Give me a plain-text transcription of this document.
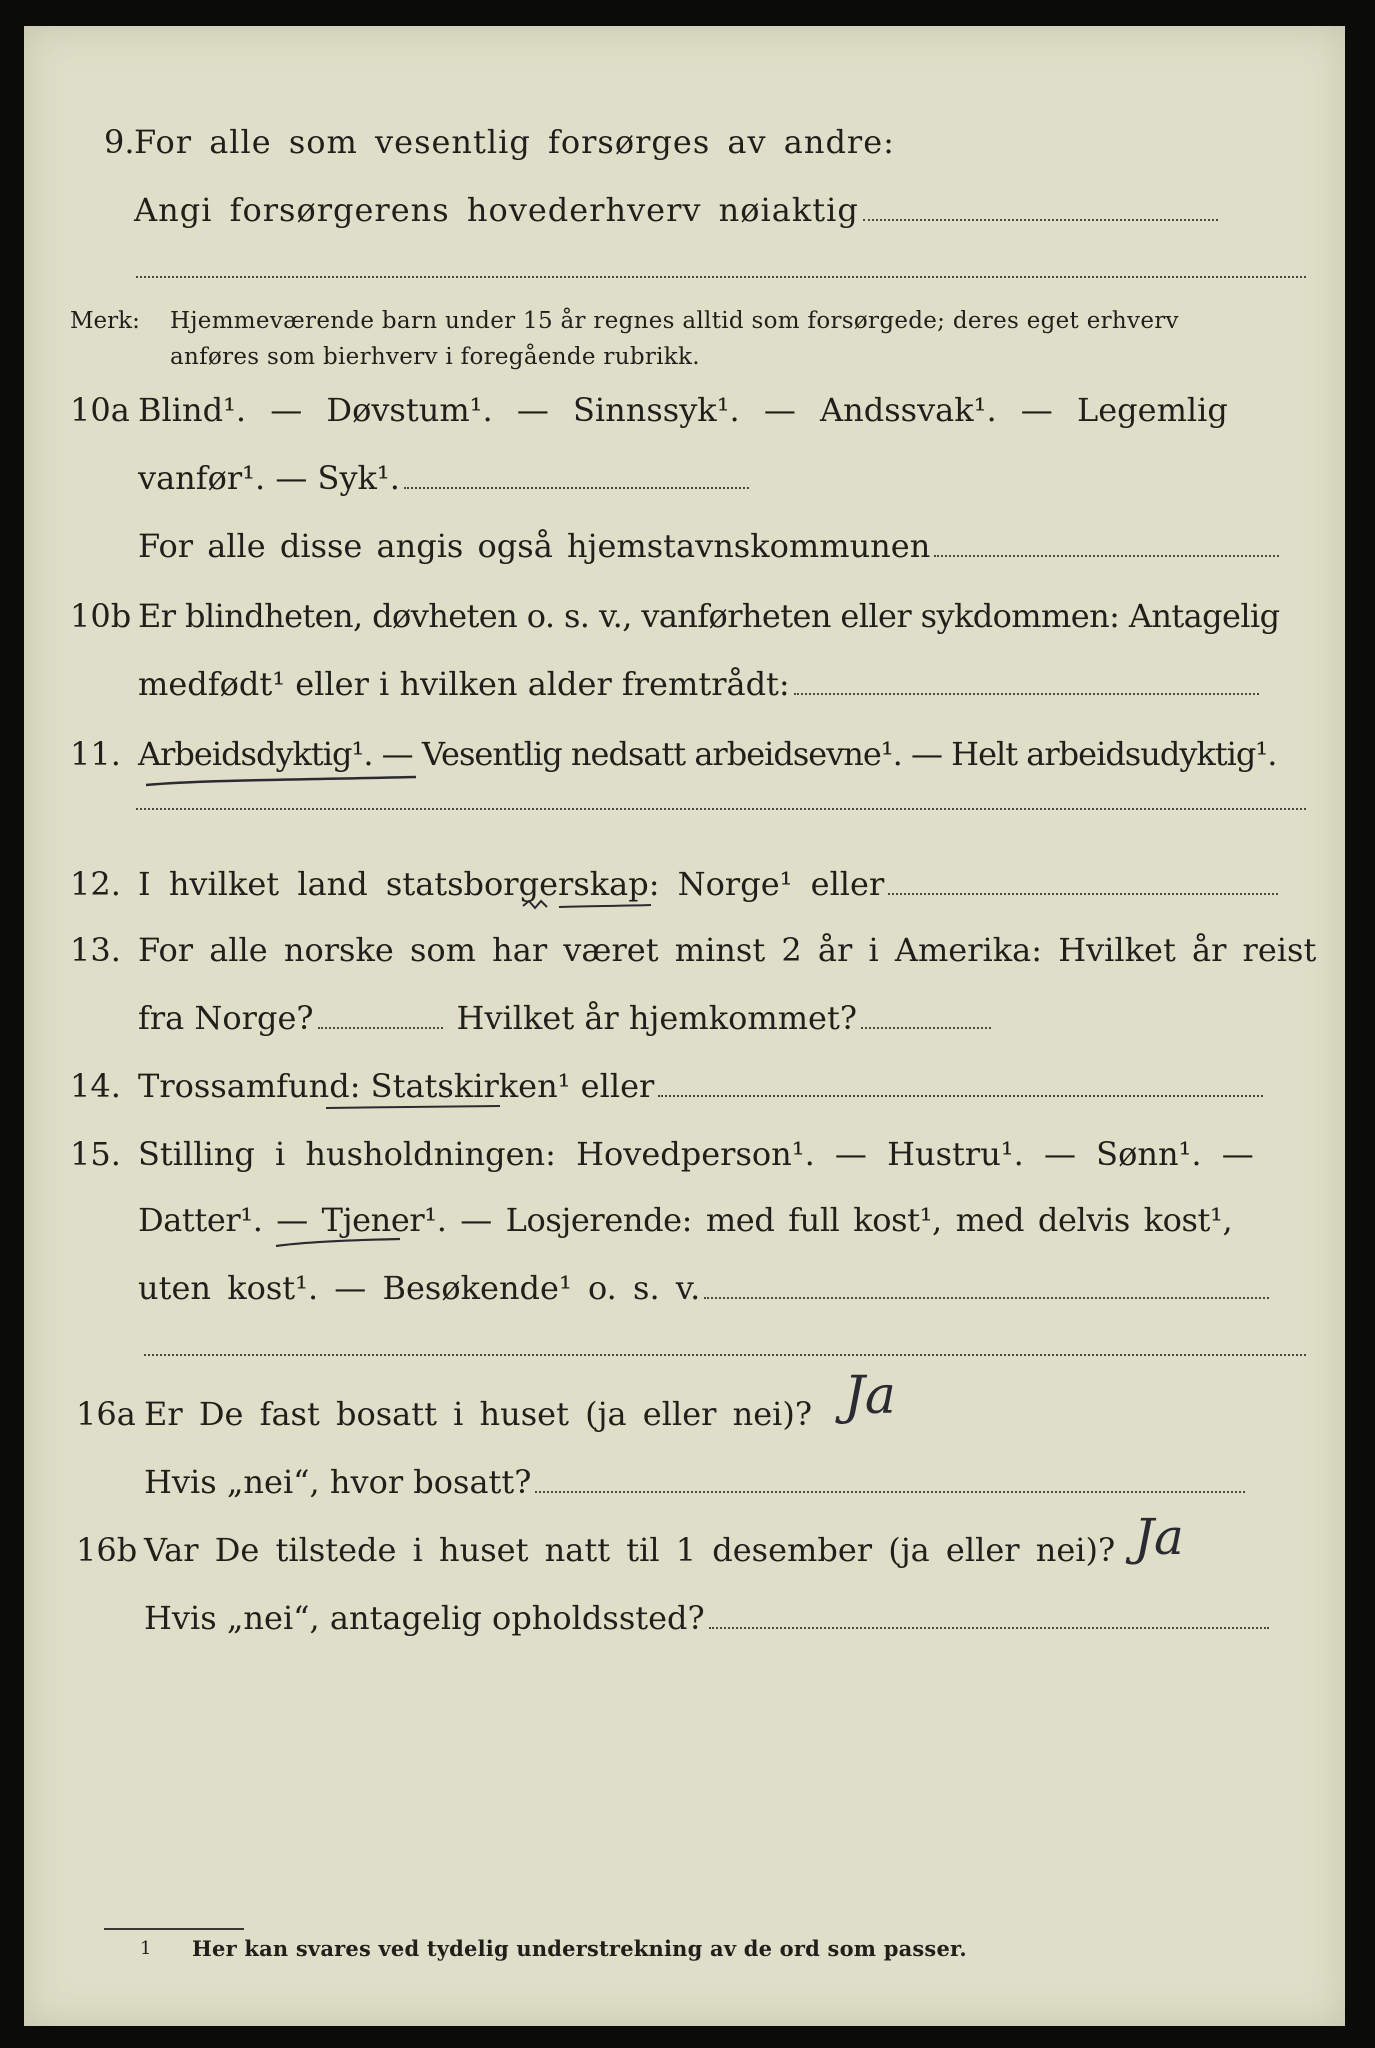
9. For alle som vesentlig forsørges av andre:
Angi forsørgerens hovederhverv nøiaktig
Merk: Hjemmeværende barn under 15 år regnes alltid som forsørgede; deres eget erhverv
anføres som bierhverv i foregående rubrikk.
10a Blind¹. — Døvstum¹. — Sinnssyk¹. — Andssvak¹. — Legemlig
vanfør¹. — Syk¹.
For alle disse angis også hjemstavnskommunen
10b Er blindheten, døvheten o. s. v., vanførheten eller sykdommen: Antagelig
medfødt¹ eller i hvilken alder fremtrådt:
11. Arbeidsdyktig¹. — Vesentlig nedsatt arbeidsevne¹. — Helt arbeidsudyktig¹.
12. I hvilket land statsborgerskap: Norge¹ eller
13. For alle norske som har været minst 2 år i Amerika: Hvilket år reist
fra Norge?	Hvilket år hjemkommet?
14. Trossamfund: Statskirken¹ eller
15. Stilling i husholdningen: Hovedperson¹. — Hustru¹. — Sønn¹. —
Datter¹. — Tjener¹. — Losjerende: med full kost¹, med delvis kost¹,
uten kost¹. — Besøkende¹ o. s. v.
16a Er De fast bosatt i huset (ja eller nei)?
Hvis „nei“, hvor bosatt?
Ja
16b Var De tilstede i huset natt til 1 desember (ja eller nei)?
Hvis „nei“, antagelig opholdssted?
Ja
1 Her kan svares ved tydelig understrekning av de ord som passer.
